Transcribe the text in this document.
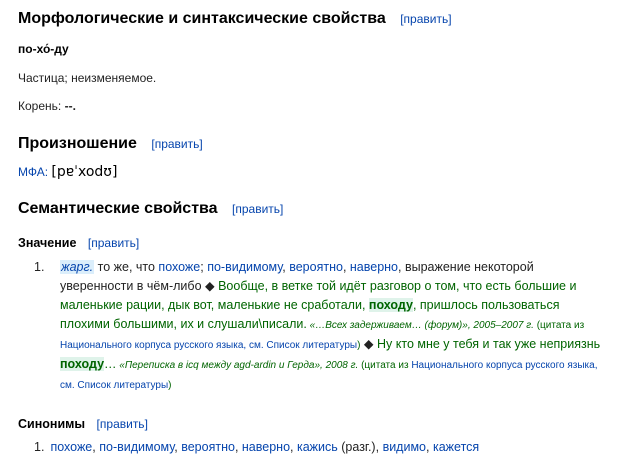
Морфологические и синтаксические свойства [править]
по-хо́-ду
Частица; неизменяемое.
Корень: --.
Произношение [править]
МФА: [pɐˈxodʊ]
Семантические свойства [править]
Значение [править]
1. жарг. то же, что похоже; по-видимому, вероятно, наверно, выражение некоторой уверенности в чём-либо ◆ Вообще, в ветке той идёт разговор о том, что есть большие и маленькие рации, дык вот, маленькие не сработали, походу, пришлось пользоваться плохими большими, их и слушали\писали. «…Всех задерживаем… (форум)», 2005–2007 г. (цитата из Национального корпуса русского языка, см. Список литературы) ◆ Ну кто мне у тебя и так уже неприязнь походу… «Переписка в icq между agd-ardin и Герда», 2008 г. (цитата из Национального корпуса русского языка, см. Список литературы)
Синонимы [править]
1. похоже, по-видимому, вероятно, наверно, кажись (разг.), видимо, кажется
